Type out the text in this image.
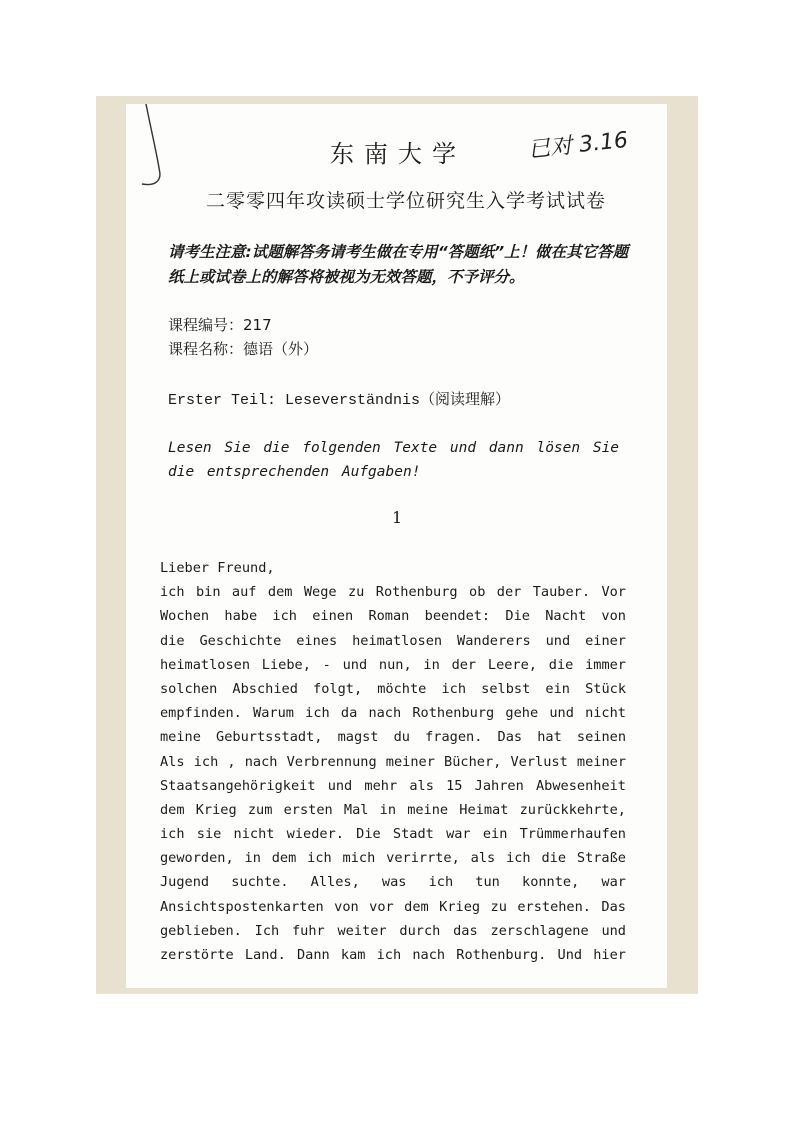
东南大学	已对 3.16
二零零四年攻读硕士学位研究生入学考试试卷
请考生注意:试题解答务请考生做在专用“答题纸”上！做在其它答题纸上或试卷上的解答将被视为无效答题，不予评分。
课程编号：217
课程名称：德语（外）
Erster Teil: Leseverständnis（阅读理解）
Lesen Sie die folgenden Texte und dann lösen Sie die entsprechenden Aufgaben!
1
Lieber Freund,
ich bin auf dem Wege zu Rothenburg ob der Tauber. Vor
Wochen habe ich einen Roman beendet: Die Nacht von
die Geschichte eines heimatlosen Wanderers und einer
heimatlosen Liebe, - und nun, in der Leere, die immer
solchen Abschied folgt, möchte ich selbst ein Stück
empfinden. Warum ich da nach Rothenburg gehe und nicht
meine Geburtsstadt, magst du fragen. Das hat seinen
Als ich , nach Verbrennung meiner Bücher, Verlust meiner
Staatsangehörigkeit und mehr als 15 Jahren Abwesenheit
dem Krieg zum ersten Mal in meine Heimat zurückkehrte,
ich sie nicht wieder. Die Stadt war ein Trümmerhaufen
geworden, in dem ich mich verirrte, als ich die Straße
Jugend suchte. Alles, was ich tun konnte, war
Ansichtspostenkarten von vor dem Krieg zu erstehen. Das
geblieben. Ich fuhr weiter durch das zerschlagene und
zerstörte Land. Dann kam ich nach Rothenburg. Und hier
